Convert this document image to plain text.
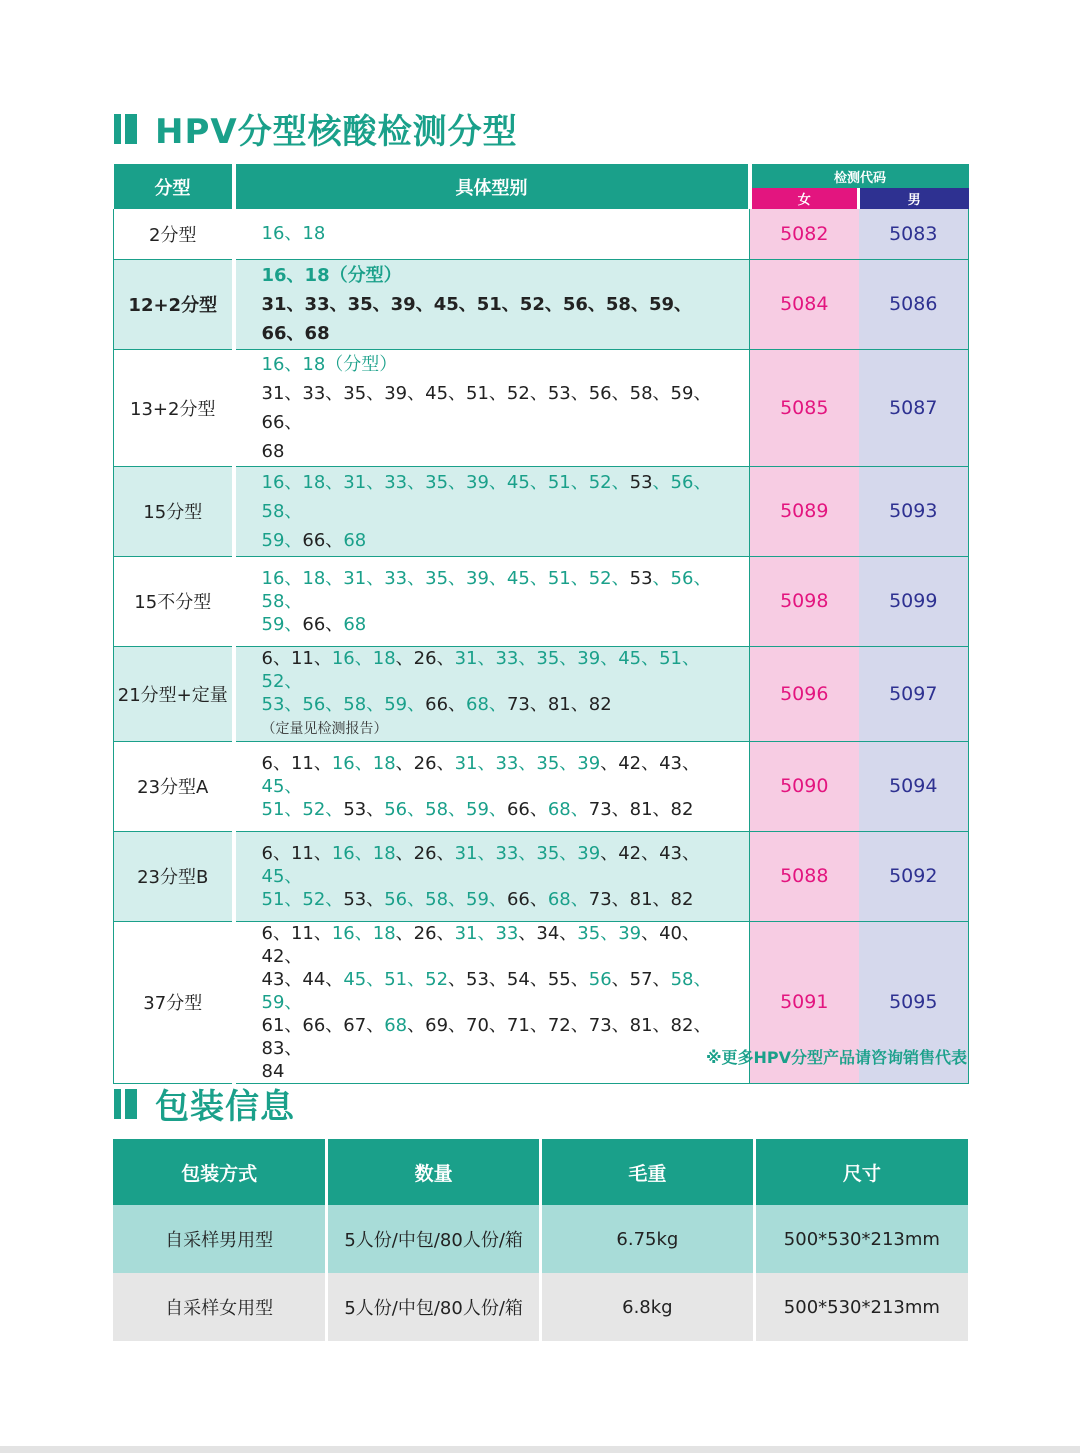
HPV分型核酸检测分型
分型	具体型别	检测代码	
		女	男
2分型	16、18	5082	5083
12+2分型	16、18（分型）
31、33、35、39、45、51、52、56、58、59、66、68	5084	5086
13+2分型	16、18（分型）
31、33、35、39、45、51、52、53、56、58、59、66、
68	5085	5087
15分型	16、18、31、33、35、39、45、51、52、53、56、58、
59、66、68	5089	5093
15不分型	16、18、31、33、35、39、45、51、52、53、56、58、
59、66、68	5098	5099
21分型+定量	6、11、16、18、26、31、33、35、39、45、51、52、
53、56、58、59、66、68、73、81、82（定量见检测报告）	5096	5097
23分型A	6、11、16、18、26、31、33、35、39、42、43、45、
51、52、53、56、58、59、66、68、73、81、82	5090	5094
23分型B	6、11、16、18、26、31、33、35、39、42、43、45、
51、52、53、56、58、59、66、68、73、81、82	5088	5092
37分型	6、11、16、18、26、31、33、34、35、39、40、42、
43、44、45、51、52、53、54、55、56、57、58、59、
61、66、67、68、69、70、71、72、73、81、82、83、
84	5091	5095
※更多HPV分型产品请咨询销售代表
包装信息
包装方式	数量	毛重	尺寸
自采样男用型	5人份/中包/80人份/箱	6.75kg	500*530*213mm
自采样女用型	5人份/中包/80人份/箱	6.8kg	500*530*213mm
